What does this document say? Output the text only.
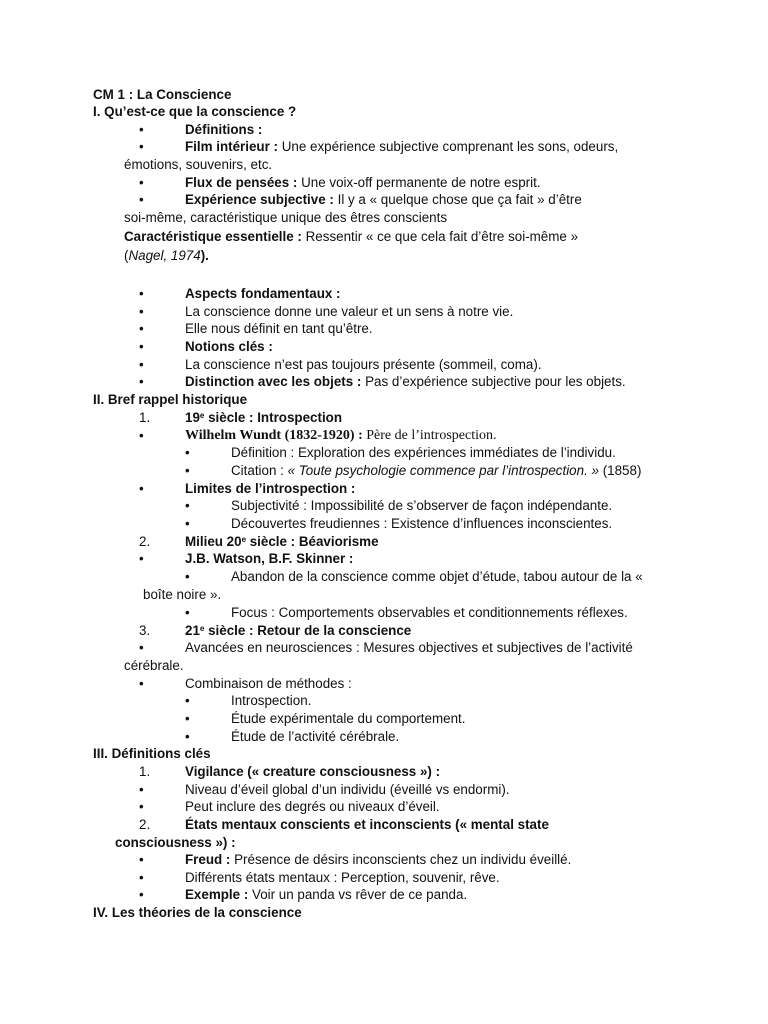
CM 1 : La Conscience
I. Qu’est-ce que la conscience ?
•	Définitions :
•	Film intérieur : Une expérience subjective comprenant les sons, odeurs,
émotions, souvenirs, etc.
•	Flux de pensées : Une voix-off permanente de notre esprit.
•	Expérience subjective : Il y a « quelque chose que ça fait » d’être
soi-même, caractéristique unique des êtres conscients
Caractéristique essentielle : Ressentir « ce que cela fait d’être soi-même »
(Nagel, 1974).
•	Aspects fondamentaux :
•	La conscience donne une valeur et un sens à notre vie.
•	Elle nous définit en tant qu’être.
•	Notions clés :
•	La conscience n’est pas toujours présente (sommeil, coma).
•	Distinction avec les objets : Pas d’expérience subjective pour les objets.
II. Bref rappel historique
1.	19e siècle : Introspection
•	Wilhelm Wundt (1832-1920) : Père de l’introspection.
•	Définition : Exploration des expériences immédiates de l’individu.
•	Citation : « Toute psychologie commence par l’introspection. » (1858)
•	Limites de l’introspection :
•	Subjectivité : Impossibilité de s’observer de façon indépendante.
•	Découvertes freudiennes : Existence d’influences inconscientes.
2.	Milieu 20e siècle : Béaviorisme
•	J.B. Watson, B.F. Skinner :
•	Abandon de la conscience comme objet d’étude, tabou autour de la «
boîte noire ».
•	Focus : Comportements observables et conditionnements réflexes.
3.	21e siècle : Retour de la conscience
•	Avancées en neurosciences : Mesures objectives et subjectives de l’activité
cérébrale.
•	Combinaison de méthodes :
•	Introspection.
•	Étude expérimentale du comportement.
•	Étude de l’activité cérébrale.
III. Définitions clés
1.	Vigilance (« creature consciousness ») :
•	Niveau d’éveil global d’un individu (éveillé vs endormi).
•	Peut inclure des degrés ou niveaux d’éveil.
2.	États mentaux conscients et inconscients (« mental state
consciousness ») :
•	Freud : Présence de désirs inconscients chez un individu éveillé.
•	Différents états mentaux : Perception, souvenir, rêve.
•	Exemple : Voir un panda vs rêver de ce panda.
IV. Les théories de la conscience
